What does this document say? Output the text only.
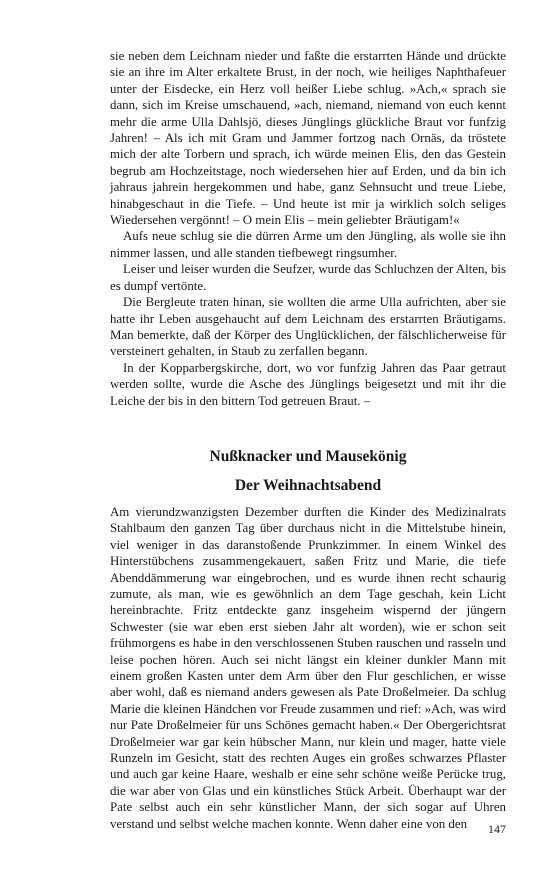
sie neben dem Leichnam nieder und faßte die erstarrten Hände und drückte sie an ihre im Alter erkaltete Brust, in der noch, wie heiliges Naphthafeuer unter der Eisdecke, ein Herz voll heißer Liebe schlug. »Ach,« sprach sie dann, sich im Kreise umschauend, »ach, niemand, niemand von euch kennt mehr die arme Ulla Dahlsjö, dieses Jünglings glückliche Braut vor funfzig Jahren! – Als ich mit Gram und Jammer fortzog nach Ornäs, da tröstete mich der alte Torbern und sprach, ich würde meinen Elis, den das Gestein begrub am Hochzeitstage, noch wiedersehen hier auf Erden, und da bin ich jahraus jahrein hergekommen und habe, ganz Sehnsucht und treue Liebe, hinabgeschaut in die Tiefe. – Und heute ist mir ja wirklich solch seliges Wiedersehen vergönnt! – O mein Elis – mein geliebter Bräutigam!«

Aufs neue schlug sie die dürren Arme um den Jüngling, als wolle sie ihn nimmer lassen, und alle standen tiefbewegt ringsumher.

Leiser und leiser wurden die Seufzer, wurde das Schluchzen der Alten, bis es dumpf vertönte.

Die Bergleute traten hinan, sie wollten die arme Ulla aufrichten, aber sie hatte ihr Leben ausgehaucht auf dem Leichnam des erstarrten Bräutigams. Man bemerkte, daß der Körper des Unglücklichen, der fälschlicherweise für versteinert gehalten, in Staub zu zerfallen begann.

In der Kopparbergskirche, dort, wo vor funfzig Jahren das Paar getraut werden sollte, wurde die Asche des Jünglings beigesetzt und mit ihr die Leiche der bis in den bittern Tod getreuen Braut. –

Nußknacker und Mausekönig
Der Weihnachtsabend

Am vierundzwanzigsten Dezember durften die Kinder des Medizinalrats Stahlbaum den ganzen Tag über durchaus nicht in die Mittelstube hinein, viel weniger in das daranstoßende Prunkzimmer. In einem Winkel des Hinterstübchens zusammengekauert, saßen Fritz und Marie, die tiefe Abenddämmerung war eingebrochen, und es wurde ihnen recht schaurig zumute, als man, wie es gewöhnlich an dem Tage geschah, kein Licht hereinbrachte. Fritz entdeckte ganz insgeheim wispernd der jüngern Schwester (sie war eben erst sieben Jahr alt worden), wie er schon seit frühmorgens es habe in den verschlossenen Stuben rauschen und rasseln und leise pochen hören. Auch sei nicht längst ein kleiner dunkler Mann mit einem großen Kasten unter dem Arm über den Flur geschlichen, er wisse aber wohl, daß es niemand anders gewesen als Pate Droßelmeier. Da schlug Marie die kleinen Händchen vor Freude zusammen und rief: »Ach, was wird nur Pate Droßelmeier für uns Schönes gemacht haben.« Der Obergerichtsrat Droßelmeier war gar kein hübscher Mann, nur klein und mager, hatte viele Runzeln im Gesicht, statt des rechten Auges ein großes schwarzes Pflaster und auch gar keine Haare, weshalb er eine sehr schöne weiße Perücke trug, die war aber von Glas und ein künstliches Stück Arbeit. Überhaupt war der Pate selbst auch ein sehr künstlicher Mann, der sich sogar auf Uhren verstand und selbst welche machen konnte. Wenn daher eine von den	147
